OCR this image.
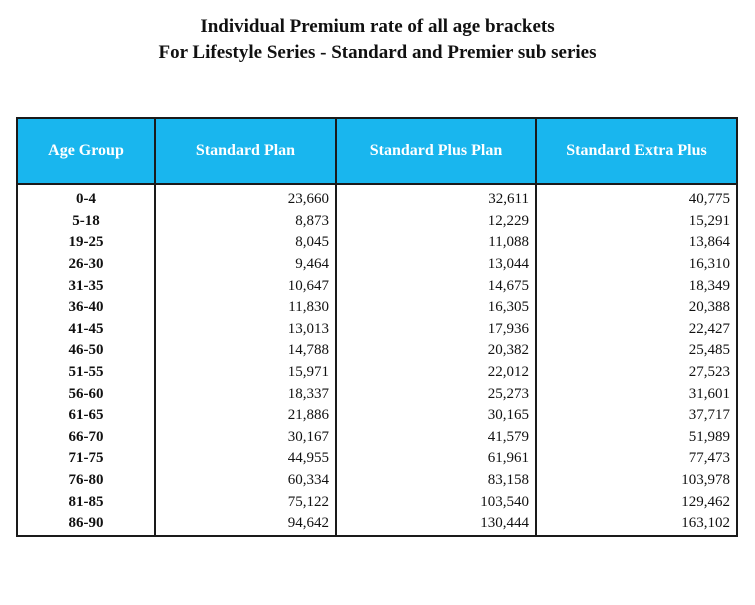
Individual Premium rate of all age brackets
For Lifestyle Series - Standard and Premier sub series
Age Group	Standard Plan	Standard Plus Plan	Standard Extra Plus
0-4	23,660	32,611	40,775
5-18	8,873	12,229	15,291
19-25	8,045	11,088	13,864
26-30	9,464	13,044	16,310
31-35	10,647	14,675	18,349
36-40	11,830	16,305	20,388
41-45	13,013	17,936	22,427
46-50	14,788	20,382	25,485
51-55	15,971	22,012	27,523
56-60	18,337	25,273	31,601
61-65	21,886	30,165	37,717
66-70	30,167	41,579	51,989
71-75	44,955	61,961	77,473
76-80	60,334	83,158	103,978
81-85	75,122	103,540	129,462
86-90	94,642	130,444	163,102
